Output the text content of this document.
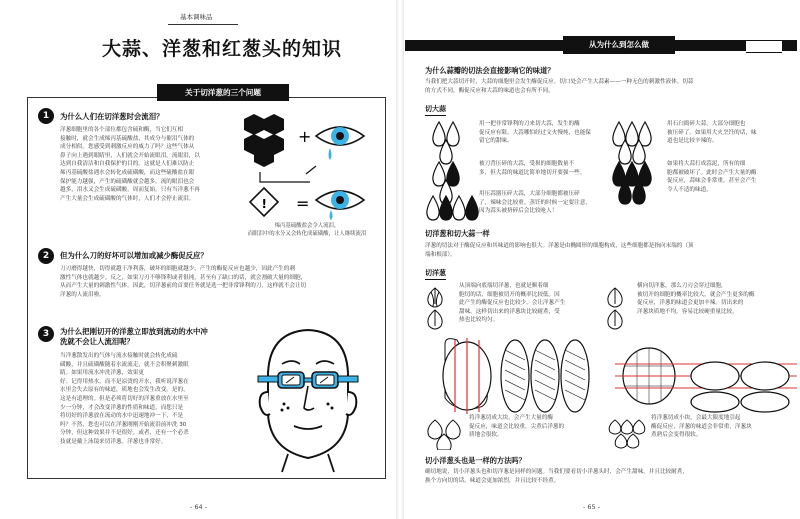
基本调味品
大蒜、洋葱和红葱头的知识
关于切洋葱的三个问题
1	为什么人们在切洋葱时会流泪？
洋葱细胞里的各个部位都包含硫和酶，当它们互相
接触时，就会生成烯丙基硫酸盐，其成分与催泪气体的
成分相似。您感受到刺激反应的威力了吗？这些气体从
鼻子向上遇到眼睛里，人们就会开始流眼泪。流眼泪，以
达到自我清洁和自我保护的目的。这就是人们难以防止
烯丙基硫酸盐遇水会转化成硫磺酸，而这些硫酸盐在眼
保护能力越强，产生的硫磺酸就会越多，流的眼泪也会
越多，泪水又会生成硫磺酸，周而复始。只有当洋葱不再
产生大量会生成硫磺酸的气体时，人们才会停止流泪。
+
! =
烯丙基硫酸盐会令人流泪，
而眼泪中的水分又会转化成硫磺酸，让人继续流泪
2	但为什么刀的好坏可以增加或减少酶促反应？
刀刃磨得越快，切得就越干净利落，破坏的细胞就越少，产生的酶促反应也越少，因此产生的刺
激性气体也就越少。反之，如果刀刃不够锋利或者很钝，甚至有了缺口的话，就会割破大量的细胞，
从而产生大量的刺激性气体。因此，切洋葱前的首要任务就是选一把非常锋利的刀，这样就不会让切
洋葱的人流泪啦。
3	为什么把刚切开的洋葱立即放到流动的水中冲
洗就不会让人流泪呢？
当洋葱散发出的气体与流水接触时就会转化成硫
磺酸，并且硫磺酸随着水流流走，就不会积聚刺激眼
睛。如果用流水冲洗洋葱，效果更
好。记得用热水，而不是凉烫的开水，我听说洋葱在
水里会失去原有的味道，质地也会发生改变。是的，
这是有道理的。但是必须将切好的洋葱重放在水里至
少一分钟，才会改变洋葱的性质和味道。而您只是
将切好的洋葱放在流动的水中迅速地冲一下，不是
吗？不然，您也可以在洋葱刚刚开始流泪前冲洗 30
分钟，但这种效果并不是很好。或者，还有一个必杀
技就是戴上泳镜来切洋葱。洋葱也非常好。
- 64 -
从为什么到怎么做
为什么蒜瓣的切法会直接影响它的味道？
当我们把大蒜切开时，大蒜的细胞里会发生酶促反应。切口处会产生大蒜素——一种无色的刺激性液体。切蒜
的方式不同，酶促反应和大蒜的味道也会有所不同。
切大蒜
用一把非常锋利的刀来切大蒜，发生的酶
促反应有限。大蒜哪怕经过文火慢炖，也能保
留它的甜味。
用石臼捣碎大蒜，大部分细胞也
被压碎了。如果用大火烹饪的话，味
道也是比较辛辣的。
被刀背压碎的大蒜，受损的细胞数量不
多，但大蒜的味道比简单地切开要强一些。
如果将大蒜打成蒜泥，所有的细
胞都被破坏了。此时会产生大量的酶
促反应，蒜味会非常重，甚至会产生
令人不适的味道。
用压蒜器压碎大蒜，大部分细胞都被压碎
了，辣味会比较重。蒸饪的时候一定要注意，
因为蒜头被挤碎后会比较呛人！
切洋葱和切大蒜一样
洋葱的切法对于酶促反应和其味道的影响也很大。洋葱是由椭圆形的细胞构成，这些细胞都是指向末端的（顶
端和根部）。
切洋葱
从顶端向底端切洋葱，也就是顺着细
胞切的话，细胞被切开的概率比较低。因
此产生的酶促反应也比较少，会让洋葱产生
甜味。这样切出来的洋葱块比较耐煮，受
热也比较均匀。
横向切洋葱，那么刀刃会穿过细胞，
被切开的细胞的概率比较大，就会产生更多的酶
促反应，洋葱的味道会更加辛辣。切出来的
洋葱块质地不均，容易比较硬重量比较。
将洋葱切成大块，会产生大量的酶
促反应，味道会比较重，尖煮后洋葱的
质地会很软。
将洋葱切成小块，会最大限度地引起
酶促反应，洋葱的味道会非常重，洋葱块
煮熟后会变得很软。
切小洋葱头也是一样的方法吗？
确切地说，切小洋葱头也和切洋葱是同样的问题。当我们要看切小洋葱头时，会产生甜味，并且比较耐煮，
换个方向切的话，味道会更加浓烈，并且比较不经煮。
- 65 -
